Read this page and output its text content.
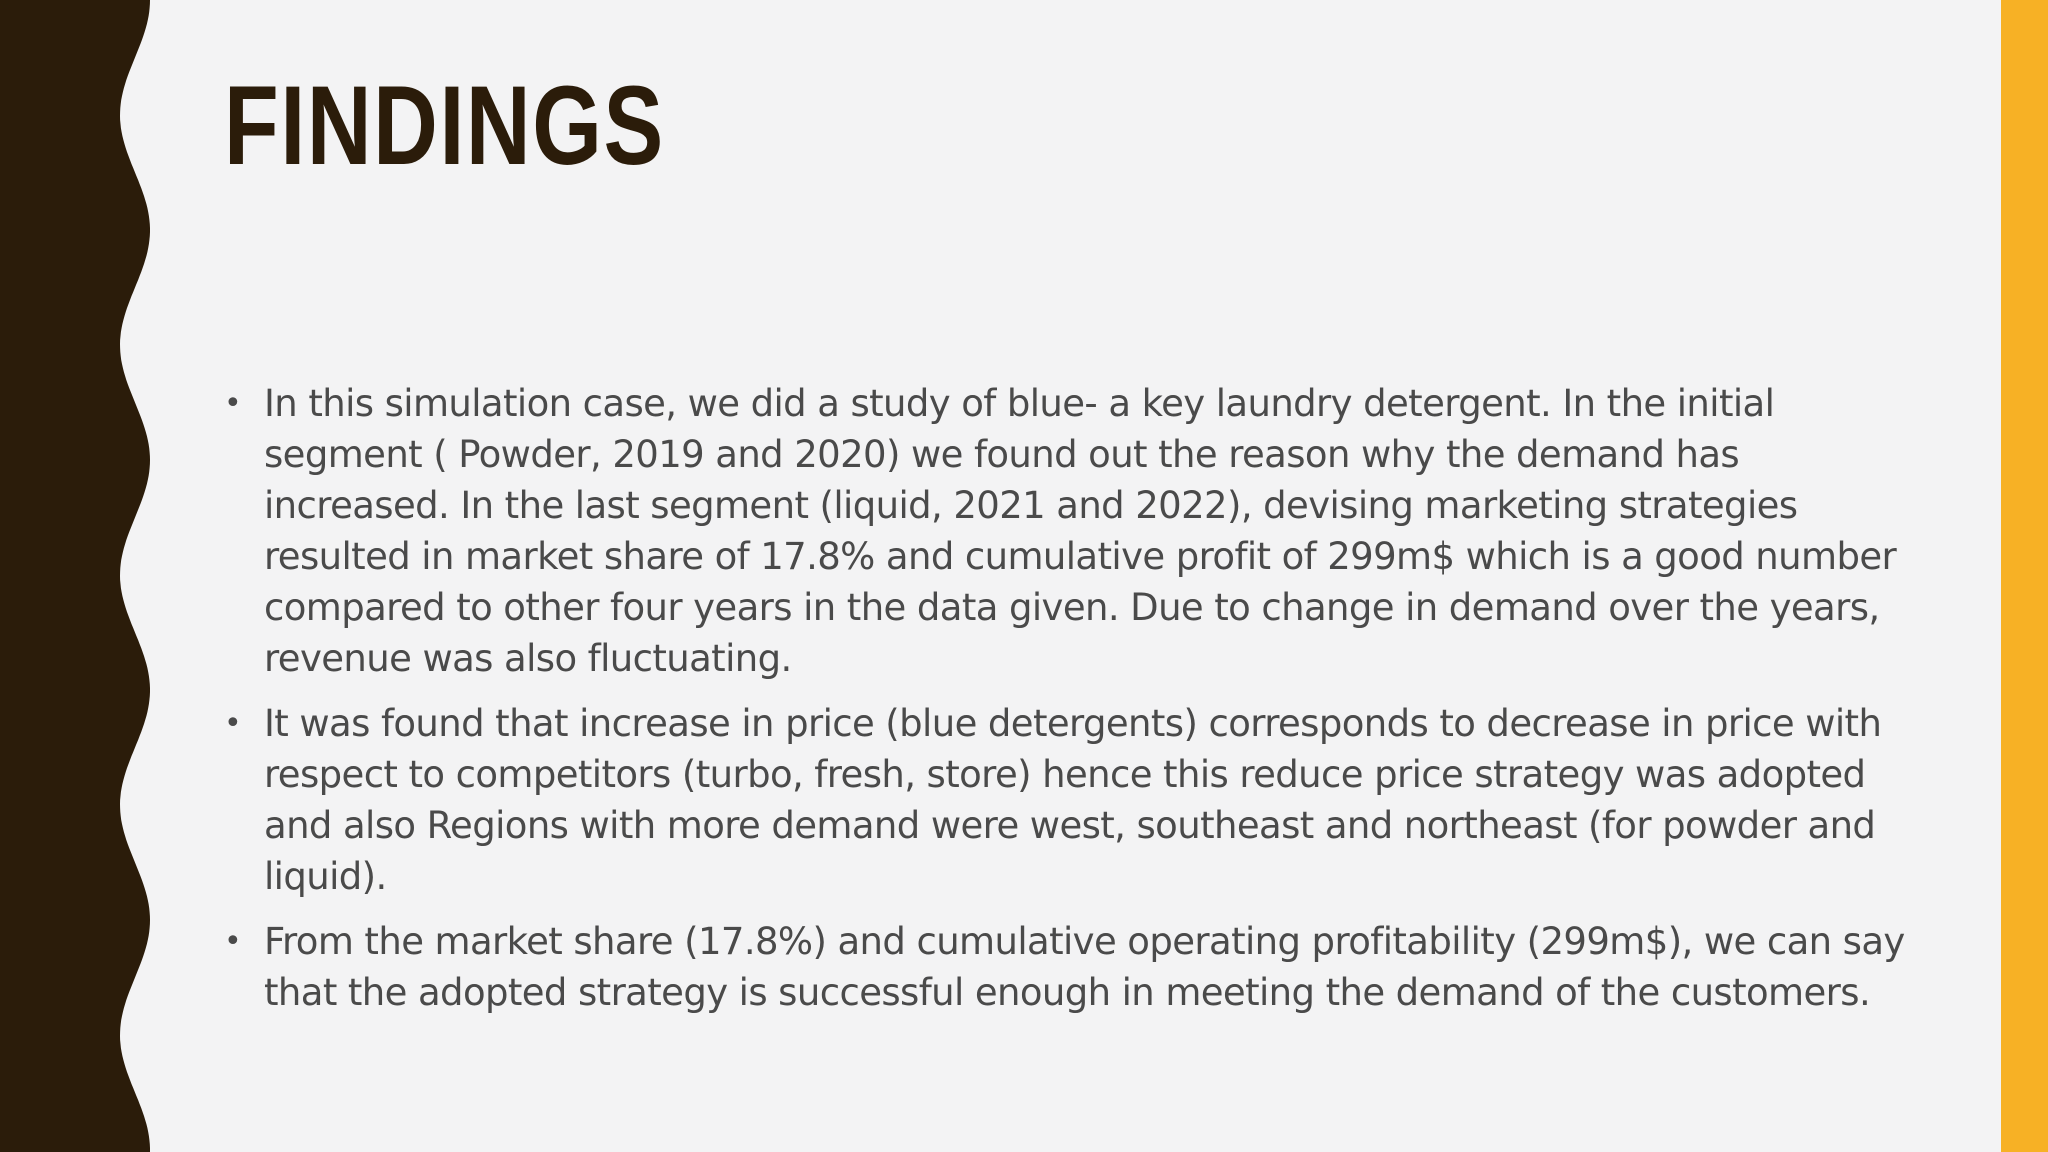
FINDINGS
• In this simulation case, we did a study of blue- a key laundry detergent. In the initial segment ( Powder, 2019 and 2020) we found out the reason why the demand has increased. In the last segment (liquid, 2021 and 2022), devising marketing strategies resulted in market share of 17.8% and cumulative profit of 299m$ which is a good number compared to other four years in the data given. Due to change in demand over the years, revenue was also fluctuating.
• It was found that increase in price (blue detergents) corresponds to decrease in price with respect to competitors (turbo, fresh, store) hence this reduce price strategy was adopted and also Regions with more demand were west, southeast and northeast (for powder and liquid).
• From the market share (17.8%) and cumulative operating profitability (299m$), we can say that the adopted strategy is successful enough in meeting the demand of the customers.
